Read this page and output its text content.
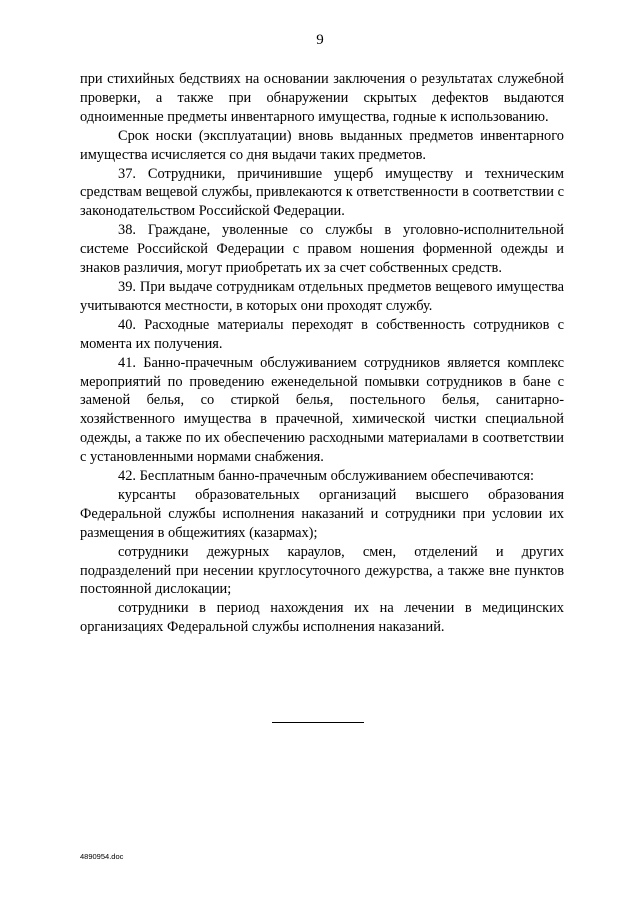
9

при стихийных бедствиях на основании заключения о результатах служебной проверки, а также при обнаружении скрытых дефектов выдаются одноименные предметы инвентарного имущества, годные к использованию.

Срок носки (эксплуатации) вновь выданных предметов инвентарного имущества исчисляется со дня выдачи таких предметов.

37. Сотрудники, причинившие ущерб имуществу и техническим средствам вещевой службы, привлекаются к ответственности в соответствии с законодательством Российской Федерации.

38. Граждане, уволенные со службы в уголовно-исполнительной системе Российской Федерации с правом ношения форменной одежды и знаков различия, могут приобретать их за счет собственных средств.

39. При выдаче сотрудникам отдельных предметов вещевого имущества учитываются местности, в которых они проходят службу.

40. Расходные материалы переходят в собственность сотрудников с момента их получения.

41. Банно-прачечным обслуживанием сотрудников является комплекс мероприятий по проведению еженедельной помывки сотрудников в бане с заменой белья, со стиркой белья, постельного белья, санитарно-хозяйственного имущества в прачечной, химической чистки специальной одежды, а также по их обеспечению расходными материалами в соответствии с установленными нормами снабжения.

42. Бесплатным банно-прачечным обслуживанием обеспечиваются:

курсанты образовательных организаций высшего образования Федеральной службы исполнения наказаний и сотрудники при условии их размещения в общежитиях (казармах);

сотрудники дежурных караулов, смен, отделений и других подразделений при несении круглосуточного дежурства, а также вне пунктов постоянной дислокации;

сотрудники в период нахождения их на лечении в медицинских организациях Федеральной службы исполнения наказаний.

4890954.doc
